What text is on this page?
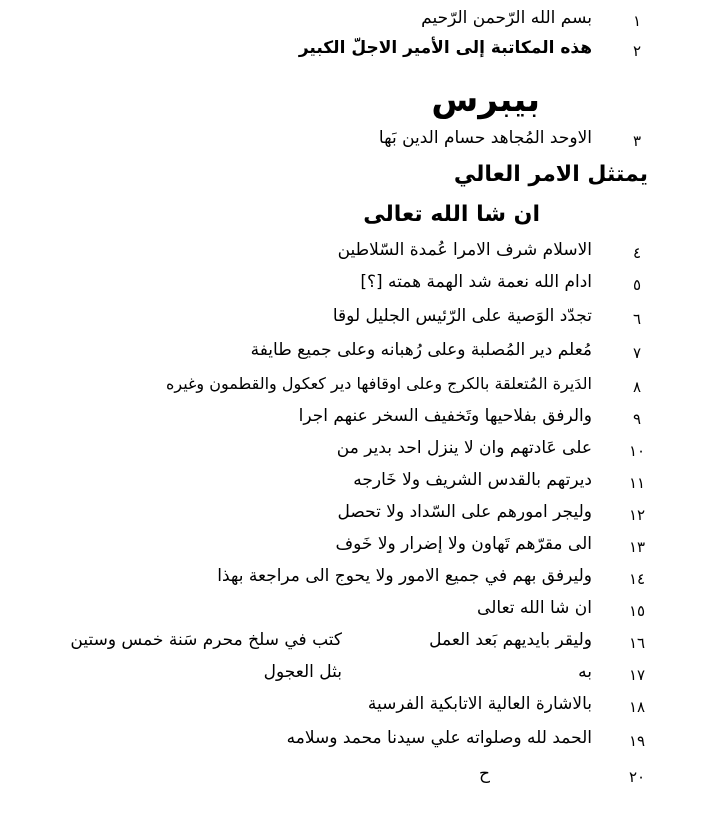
١
بسم الله الرّحمن الرّحيم
٢
هذه المكاتبة إلى الأمير الاجلّ الكبير
بيبرس
٣
الاوحد المُجاهد حسام الدين بَها
يمتثل الامر العالي
ان شا الله تعالى
٤
الاسلام شرف الامرا عُمدة السّلاطين
٥
ادام الله نعمة شد الهمة همته [؟]
٦
تجدّد الوَصية على الرّئيس الجليل لوقا
٧
مُعلم دير المُصلبة وعلى رُهبانه وعلى جميع طايفة
٨
الدَيرة المُتعلقة بالكرج وعلى اوقافها دير كعكول والقطمون وغيره
٩
والرفق بفلاحيها وتَخفيف السخر عنهم اجرا
١٠
على عَادتهم وان لا ينزل احد بدير من
١١
ديرتهم بالقدس الشريف ولا خَارجه
١٢
وليجر امورهم على السّداد ولا تحصل
١٣
الى مقرّهم تَهاون ولا إضرار ولا خَوف
١٤
وليرفق بهم في جميع الامور ولا يحوج الى مراجعة بهذا
١٥
ان شا الله تعالى
١٦
وليقر بايديهم بَعد العمل
كتب في سلخ محرم سَنة خمس وستين
١٧
به
بثل العجول
١٨
بالاشارة العالية الاتابكية الفرسية
١٩
الحمد لله وصلواته علي سيدنا محمد وسلامه
٢٠
ح
